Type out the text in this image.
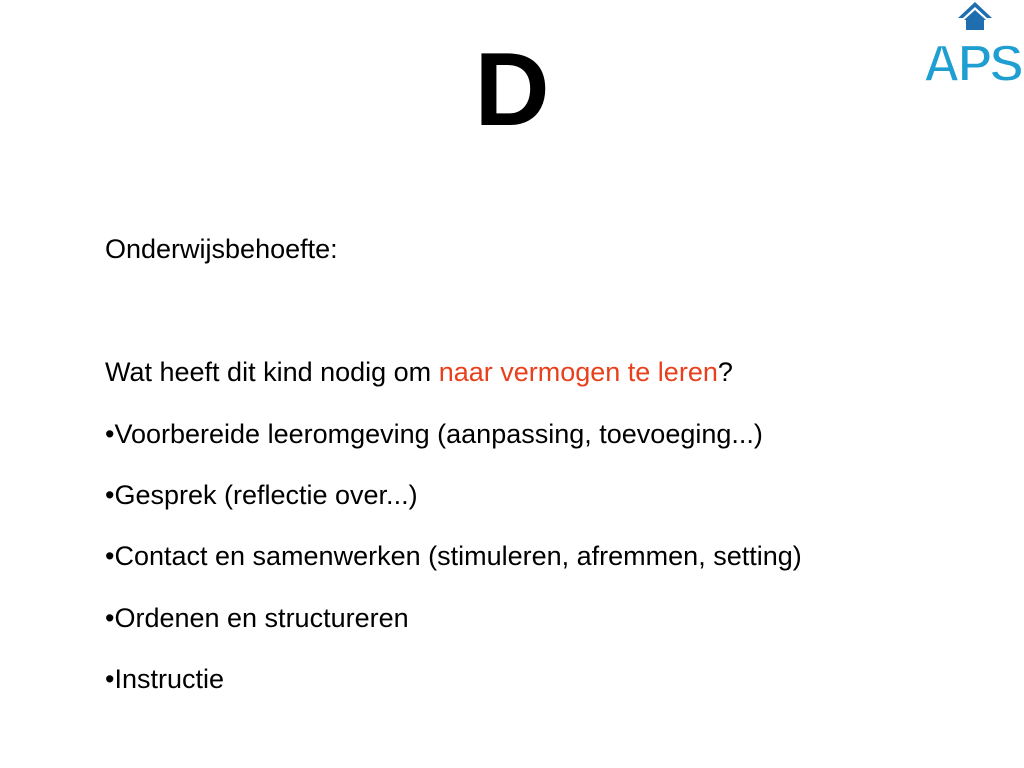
D	APS
Onderwijsbehoefte:
Wat heeft dit kind nodig om naar vermogen te leren?
•Voorbereide leeromgeving (aanpassing, toevoeging...)
•Gesprek (reflectie over...)
•Contact en samenwerken (stimuleren, afremmen, setting)
•Ordenen en structureren
•Instructie
